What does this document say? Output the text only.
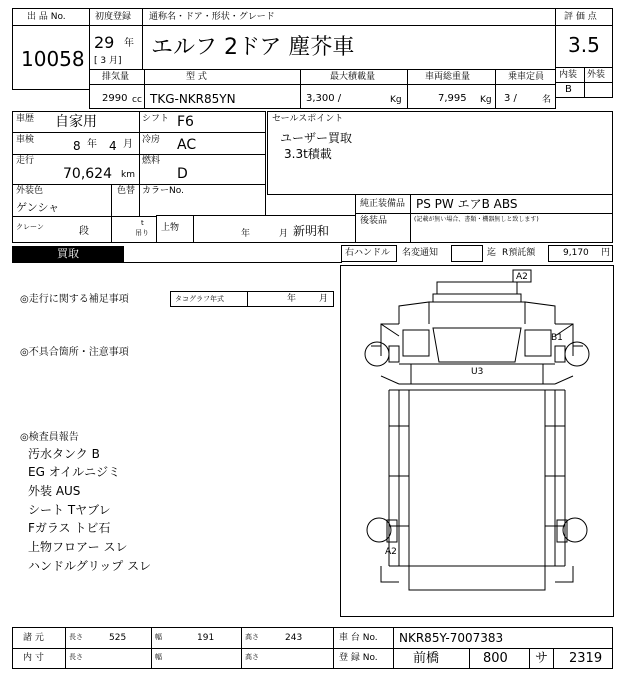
出 品 No.
10058
初度登録
29 年
[ 3 月]
通称名・ドア・形状・グレード
エルフ 2ドア 塵芥車
評 価 点
3.5
内装 外装
B
排気量
2990 cc
型 式
TKG-NKR85YN
最大積載量
3,300 /	Kg
車両総重量
7,995 Kg
乗車定員
3 /	名
車歴 自家用	シフト F6
車検	8 年 4 月 冷房 AC
走行
70,624 km
燃料
D
外装色
ゲンシャ
色替 カラーNo.
クレーン	段
t
吊り 上物
年	月 新明和
セールスポイント
ユーザー買取
3.3t積載
純正装備品 PS PW エアB ABS
後装品	(記載が無い場合、書類・機器無しと致します)
買取	右ハンドル 名変通知	迄 R預託額	9,170 円
◎走行に関する補足事項	タコグラフ年式	年	月
◎不具合箇所・注意事項
◎検査員報告
汚水タンク B
EG オイルニジミ
外装 AUS
シート Tヤブレ
Fガラス トビ石
上物フロアー スレ
ハンドルグリップ スレ
A2
B1
U3
A2
諸 元	長さ	525	幅	191	高さ	243	車 台 No. NKR85Y-7007383
内 寸	長さ	幅	高さ	登 録 No.	前橋	800 サ 2319
